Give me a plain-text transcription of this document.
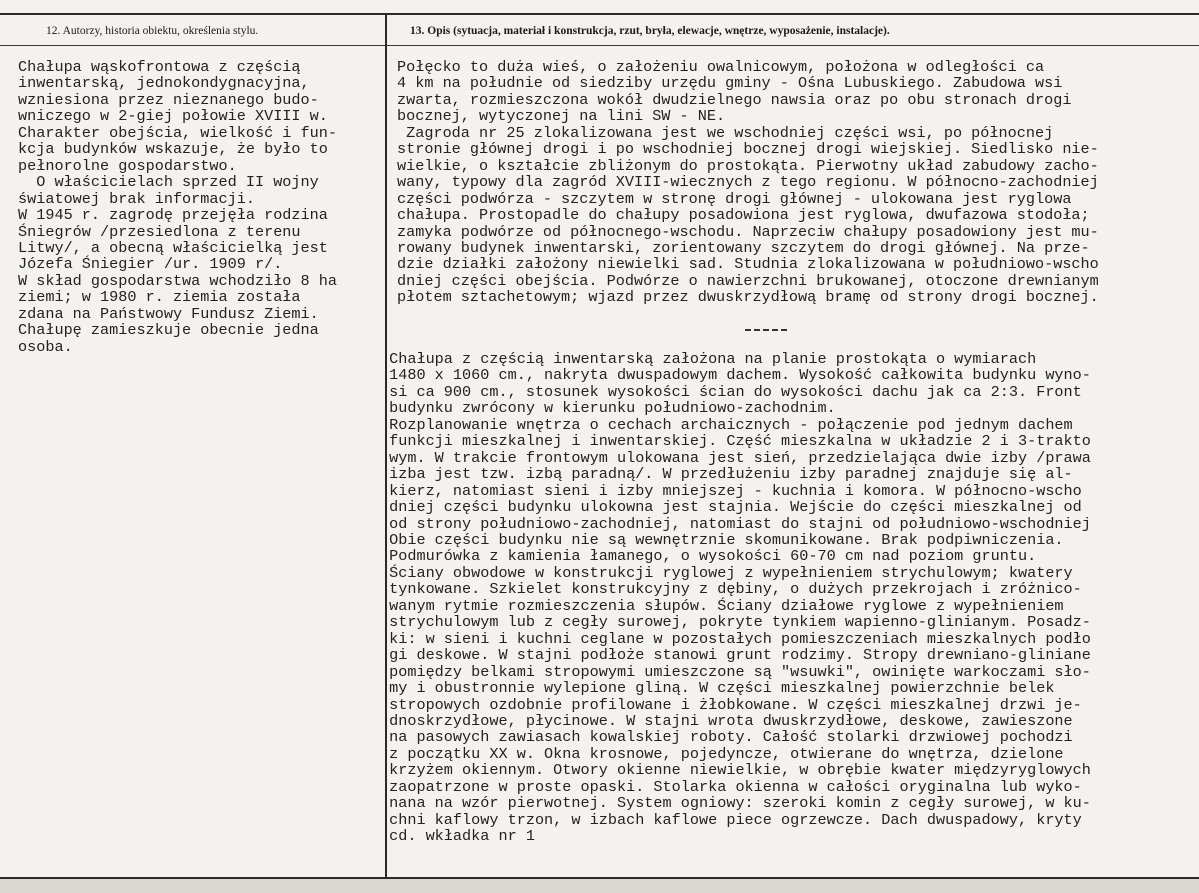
12. Autorzy, historia obiektu, określenia stylu.	13. Opis (sytuacja, materiał i konstrukcja, rzut, bryła, elewacje, wnętrze, wyposażenie, instalacje).
Chałupa wąskofrontowa z częścią
inwentarską, jednokondygnacyjna,
wzniesiona przez nieznanego budo-
wniczego w 2-giej połowie XVIII w.
Charakter obejścia, wielkość i fun-
kcja budynków wskazuje, że było to
pełnorolne gospodarstwo.
O właścicielach sprzed II wojny
światowej brak informacji.
W 1945 r. zagrodę przejęła rodzina
Śniegrów /przesiedlona z terenu
Litwy/, a obecną właścicielką jest
Józefa Śniegier /ur. 1909 r/.
W skład gospodarstwa wchodziło 8 ha
ziemi; w 1980 r. ziemia została
zdana na Państwowy Fundusz Ziemi.
Chałupę zamieszkuje obecnie jedna
osoba.
Połęcko to duża wieś, o założeniu owalnicowym, położona w odległości ca
4 km na południe od siedziby urzędu gminy - Ośna Lubuskiego. Zabudowa wsi
zwarta, rozmieszczona wokół dwudzielnego nawsia oraz po obu stronach drogi
bocznej, wytyczonej na lini SW - NE.
Zagroda nr 25 zlokalizowana jest we wschodniej części wsi, po północnej
stronie głównej drogi i po wschodniej bocznej drogi wiejskiej. Siedlisko nie-
wielkie, o kształcie zbliżonym do prostokąta. Pierwotny układ zabudowy zacho-
wany, typowy dla zagród XVIII-wiecznych z tego regionu. W północno-zachodniej
części podwórza - szczytem w stronę drogi głównej - ulokowana jest ryglowa
chałupa. Prostopadle do chałupy posadowiona jest ryglowa, dwufazowa stodoła;
zamyka podwórze od północnego-wschodu. Naprzeciw chałupy posadowiony jest mu-
rowany budynek inwentarski, zorientowany szczytem do drogi głównej. Na prze-
dzie działki założony niewielki sad. Studnia zlokalizowana w południowo-wscho
dniej części obejścia. Podwórze o nawierzchni brukowanej, otoczone drewnianym
płotem sztachetowym; wjazd przez dwuskrzydłową bramę od strony drogi bocznej.
Chałupa z częścią inwentarską założona na planie prostokąta o wymiarach
1480 x 1060 cm., nakryta dwuspadowym dachem. Wysokość całkowita budynku wyno-
si ca 900 cm., stosunek wysokości ścian do wysokości dachu jak ca 2:3. Front
budynku zwrócony w kierunku południowo-zachodnim.
Rozplanowanie wnętrza o cechach archaicznych - połączenie pod jednym dachem
funkcji mieszkalnej i inwentarskiej. Część mieszkalna w układzie 2 i 3-trakto
wym. W trakcie frontowym ulokowana jest sień, przedzielająca dwie izby /prawa
izba jest tzw. izbą paradną/. W przedłużeniu izby paradnej znajduje się al-
kierz, natomiast sieni i izby mniejszej - kuchnia i komora. W północno-wscho
dniej części budynku ulokowna jest stajnia. Wejście do części mieszkalnej od
od strony południowo-zachodniej, natomiast do stajni od południowo-wschodniej
Obie części budynku nie są wewnętrznie skomunikowane. Brak podpiwniczenia.
Podmurówka z kamienia łamanego, o wysokości 60-70 cm nad poziom gruntu.
Ściany obwodowe w konstrukcji ryglowej z wypełnieniem strychulowym; kwatery
tynkowane. Szkielet konstrukcyjny z dębiny, o dużych przekrojach i zróżnico-
wanym rytmie rozmieszczenia słupów. Ściany działowe ryglowe z wypełnieniem
strychulowym lub z cegły surowej, pokryte tynkiem wapienno-glinianym. Posadz-
ki: w sieni i kuchni ceglane w pozostałych pomieszczeniach mieszkalnych podło
gi deskowe. W stajni podłoże stanowi grunt rodzimy. Stropy drewniano-gliniane
pomiędzy belkami stropowymi umieszczone są "wsuwki", owinięte warkoczami sło-
my i obustronnie wylepione gliną. W części mieszkalnej powierzchnie belek
stropowych ozdobnie profilowane i żłobkowane. W części mieszkalnej drzwi je-
dnoskrzydłowe, płycinowe. W stajni wrota dwuskrzydłowe, deskowe, zawieszone
na pasowych zawiasach kowalskiej roboty. Całość stolarki drzwiowej pochodzi
z początku XX w. Okna krosnowe, pojedyncze, otwierane do wnętrza, dzielone
krzyżem okiennym. Otwory okienne niewielkie, w obrębie kwater międzyryglowych
zaopatrzone w proste opaski. Stolarka okienna w całości oryginalna lub wyko-
nana na wzór pierwotnej. System ogniowy: szeroki komin z cegły surowej, w ku-
chni kaflowy trzon, w izbach kaflowe piece ogrzewcze. Dach dwuspadowy, kryty
cd. wkładka nr 1
